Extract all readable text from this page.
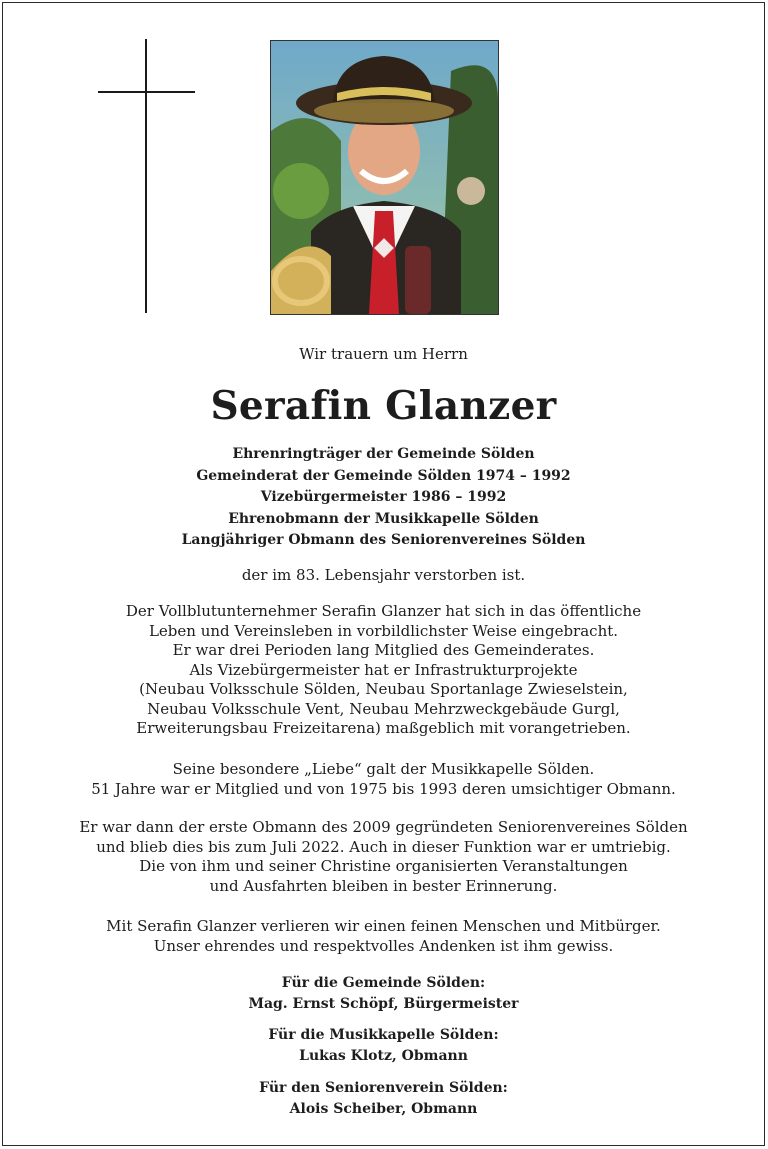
Wir trauern um Herrn
Serafin Glanzer
Ehrenringträger der Gemeinde Sölden
Gemeinderat der Gemeinde Sölden 1974 – 1992
Vizebürgermeister 1986 – 1992
Ehrenobmann der Musikkapelle Sölden
Langjähriger Obmann des Seniorenvereines Sölden
der im 83. Lebensjahr verstorben ist.
Der Vollblutunternehmer Serafin Glanzer hat sich in das öffentliche
Leben und Vereinsleben in vorbildlichster Weise eingebracht.
Er war drei Perioden lang Mitglied des Gemeinderates.
Als Vizebürgermeister hat er Infrastrukturprojekte
(Neubau Volksschule Sölden, Neubau Sportanlage Zwieselstein,
Neubau Volksschule Vent, Neubau Mehrzweckgebäude Gurgl,
Erweiterungsbau Freizeitarena) maßgeblich mit vorangetrieben.
Seine besondere „Liebe“ galt der Musikkapelle Sölden.
51 Jahre war er Mitglied und von 1975 bis 1993 deren umsichtiger Obmann.
Er war dann der erste Obmann des 2009 gegründeten Seniorenvereines Sölden
und blieb dies bis zum Juli 2022. Auch in dieser Funktion war er umtriebig.
Die von ihm und seiner Christine organisierten Veranstaltungen
und Ausfahrten bleiben in bester Erinnerung.
Mit Serafin Glanzer verlieren wir einen feinen Menschen und Mitbürger.
Unser ehrendes und respektvolles Andenken ist ihm gewiss.
Für die Gemeinde Sölden:
Mag. Ernst Schöpf, Bürgermeister
Für die Musikkapelle Sölden:
Lukas Klotz, Obmann
Für den Seniorenverein Sölden:
Alois Scheiber, Obmann
